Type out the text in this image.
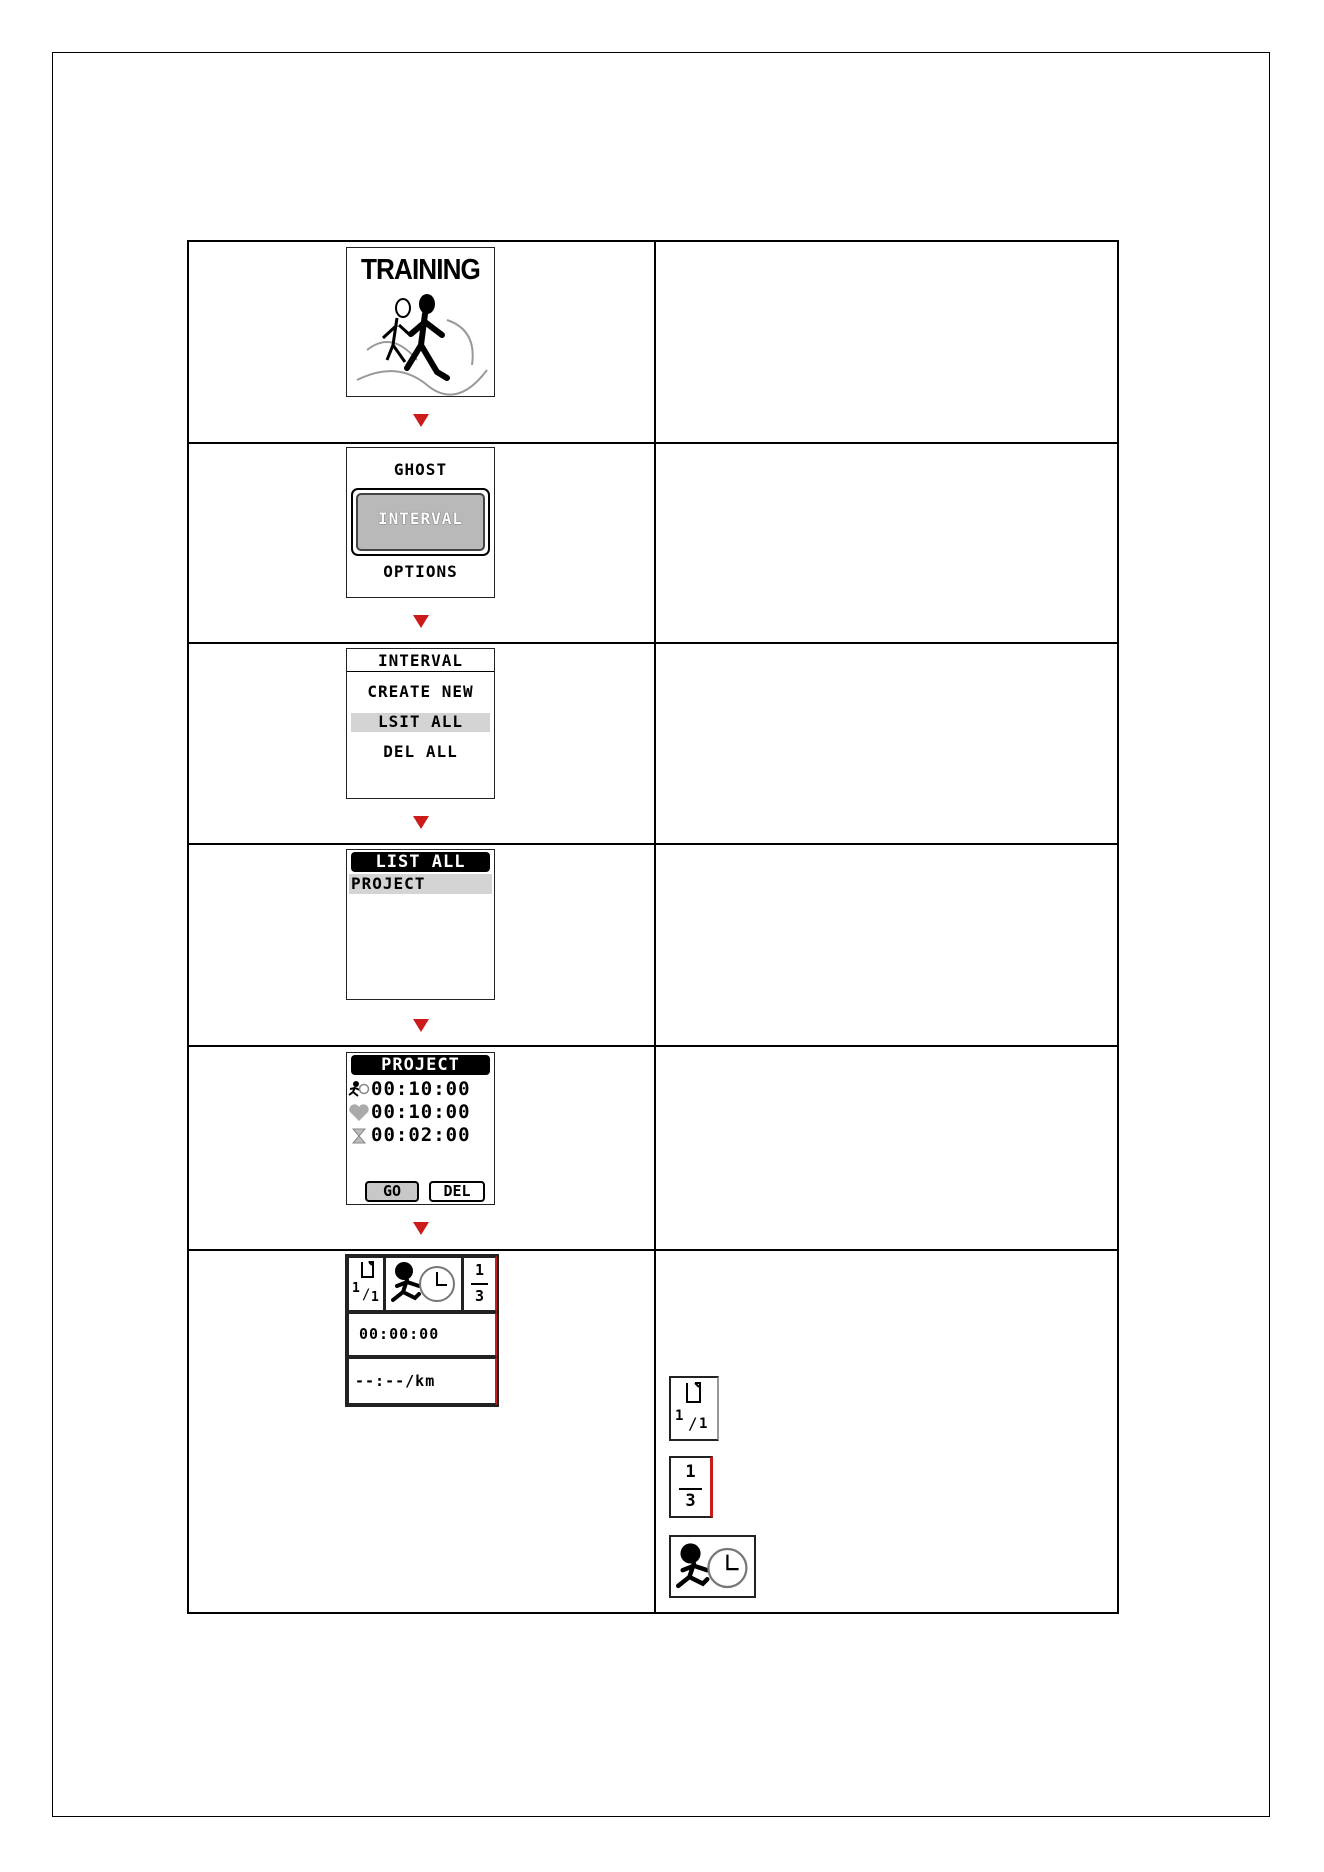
TRAINING
GHOST
INTERVAL
OPTIONS
INTERVAL
CREATE NEW
LSIT ALL
DEL ALL
LIST ALL
PROJECT
PROJECT
00:10:00
00:10:00
00:02:00
GO	DEL
1 / 1
1
3
00:00:00
--:--/km
1 / 1
1
3
